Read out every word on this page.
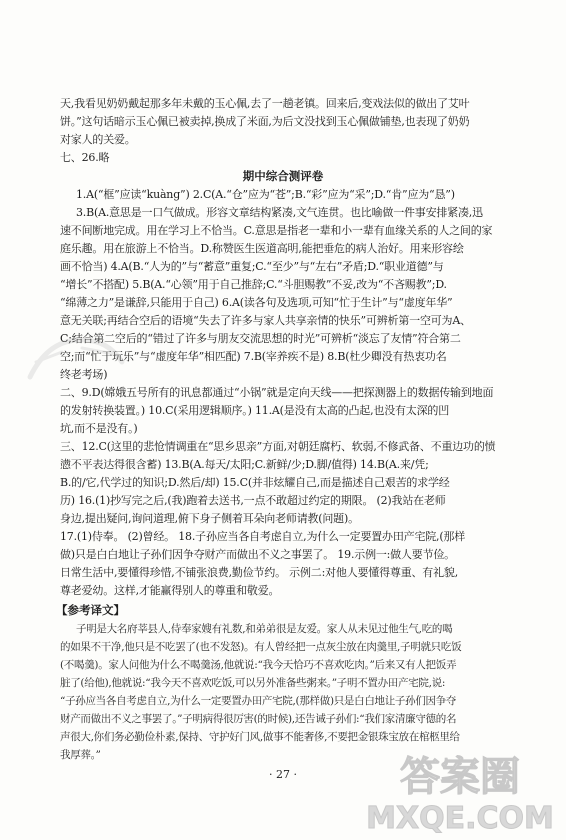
天,我看见奶奶戴起那多年未戴的玉心佩,去了一趟老镇。回来后,变戏法似的做出了艾叶
饼。”这句话暗示玉心佩已被卖掉,换成了米面,为后文没找到玉心佩做铺垫,也表现了奶奶
对家人的关爱。
七、26.略
期中综合测评卷
1.A(“框”应读“kuàng”) 2.C(A.“仓”应为“苍”;B.“彩”应为“采”;D.“肯”应为“恳”)
3.B(A.意思是一口气做成。形容文章结构紧凑,文气连贯。也比喻做一件事安排紧凑,迅
速不间断地完成。用在学习上不恰当。C.意思是指老一辈和小一辈有血缘关系的人之间的家
庭乐趣。用在旅游上不恰当。D.称赞医生医道高明,能把垂危的病人治好。用来形容绘
画不恰当) 4.A(B.“人为的”与“蓄意”重复;C.“至少”与“左右”矛盾;D.“职业道德”与
“增长”不搭配) 5.B(A.“心领”用于自己推辞;C.“斗胆赐教”不妥,改为“不吝赐教”;D.
“绵薄之力”是谦辞,只能用于自己) 6.A(读各句及选项,可知“忙于生计”与“虚度年华”
意无关联;再结合空后的语境“失去了许多与家人共享亲情的快乐”可辨析第一空可为A、
C;结合第二空后的“错过了许多与朋友交流思想的时光”可辨析“淡忘了友情”符合第二
空;而“忙于玩乐”与“虚度年华”相匹配) 7.B(宰养疾不是) 8.B(杜少卿没有热衷功名
终老考场)
二、9.D(嫦娥五号所有的讯息都通过“小锅”就是定向天线——把探测器上的数据传输到地面
的发射转换装置。) 10.C(采用逻辑顺序。) 11.A(是没有太高的凸起,也没有太深的凹
坑,而不是没有。)
三、12.C(这里的悲怆情调重在“思乡思亲”方面,对朝廷腐朽、软弱,不修武备、不重边功的愤
懑不平表达得很含蓄) 13.B(A.每天/太阳;C.新鲜/少;D.脚/值得) 14.B(A.来/凭;
B.的/它,代学过的知识;D.然后/却) 15.C(并非炫耀自己,而是描述自己艰苦的求学经
历) 16.(1)抄写完之后,(我)跑着去送书,一点不敢超过约定的期限。 (2)我站在老师
身边,提出疑问,询问道理,俯下身子侧着耳朵向老师请教(问题)。
17.(1)侍奉。 (2)曾经。 18.子孙应当各自考虑自立,为什么一定要置办田产宅院,(那样
做)只是白白地让子孙们因争夺财产而做出不义之事罢了。 19.示例一:做人要节俭。
日常生活中,要懂得珍惜,不铺张浪费,勤俭节约。 示例二:对他人要懂得尊重、有礼貌,
尊老爱幼。这样,才能赢得别人的尊重和敬爱。
【参考译文】
子明是大名府莘县人,侍奉家嫂有礼数,和弟弟很是友爱。家人从未见过他生气,吃的喝
的如果不干净,他只是不吃罢了(也不发怒)。有人曾经把一点灰尘放在肉羹里,子明就只吃饭
(不喝羹)。家人问他为什么不喝羹汤,他就说:“我今天恰巧不喜欢吃肉。”后来又有人把饭弄
脏了(给他),他就说:“我今天不喜欢吃饭,可以另外准备些粥来。”子明不置办田产宅院,说:
“子孙应当各自考虑自立,为什么一定要置办田产宅院,(那样做)只是白白地让子孙们因争夺
财产而做出不义之事罢了。”子明病得很厉害(的时候),还告诫子孙们:“我们家清廉守德的名
声很大,你们务必勤俭朴素,保持、守护好门风,做事不能奢侈,不要把金银珠宝放在棺柩里给
我厚葬。”
· 27 ·	答案圈
MXQE.COM
